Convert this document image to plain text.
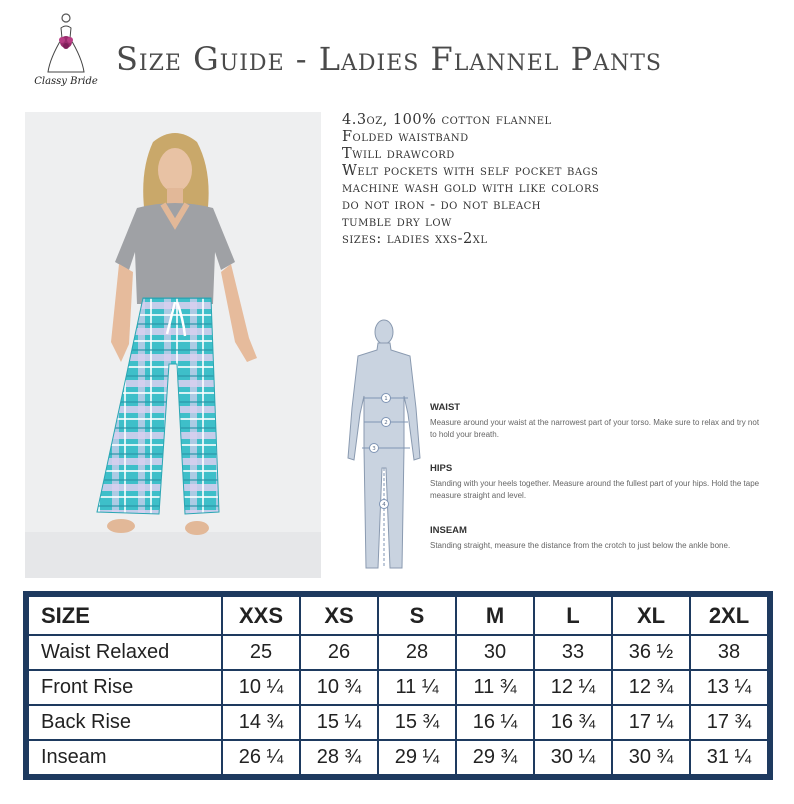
Classy Bride
Size Guide - Ladies Flannel Pants
4.3oz, 100% cotton flannel
Folded waistband
Twill drawcord
Welt pockets with self pocket bags
machine wash gold with like colors
do not iron - do not bleach
tumble dry low
sizes: ladies xxs-2xl
1
2
3
4
WAIST
Measure around your waist at the narrowest part of your torso. Make sure to relax and try not to hold your breath.
HIPS
Standing with your heels together. Measure around the fullest part of your hips. Hold the tape measure straight and level.
INSEAM
Standing straight, measure the distance from the crotch to just below the ankle bone.
SIZE	XXS	XS	S	M	L	XL	2XL
Waist Relaxed	25	26	28	30	33	36 ½	38
Front Rise	10 ¼	10 ¾	11 ¼	11 ¾	12 ¼	12 ¾	13 ¼
Back Rise	14 ¾	15 ¼	15 ¾	16 ¼	16 ¾	17 ¼	17 ¾
Inseam	26 ¼	28 ¾	29 ¼	29 ¾	30 ¼	30 ¾	31 ¼
